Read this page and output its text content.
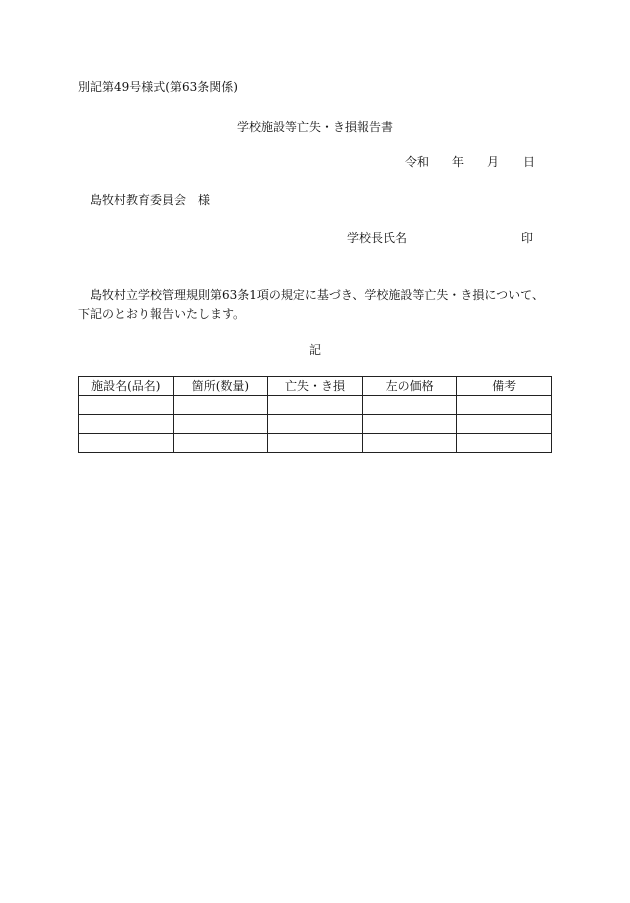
別記第49号様式(第63条関係)
学校施設等亡失・き損報告書
令和 年 月 日
島牧村教育委員会　様
学校長氏名	印
島牧村立学校管理規則第63条1項の規定に基づき、学校施設等亡失・き損について、下記のとおり報告いたします。
記
施設名(品名)	箇所(数量)	亡失・き損	左の価格	備考
